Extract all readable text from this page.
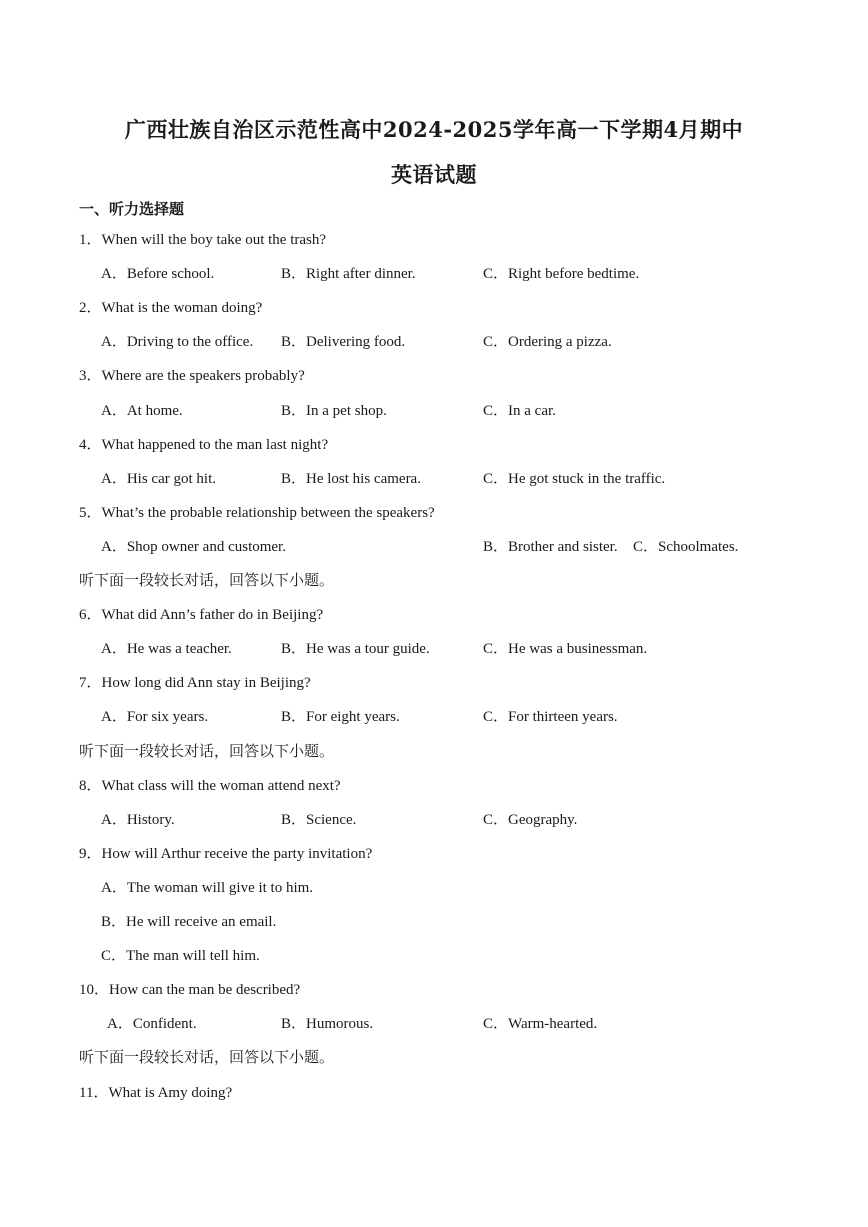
广西壮族自治区示范性高中2024-2025学年高一下学期4月期中
英语试题
一、听力选择题
1．When will the boy take out the trash?
A．Before school.	B．Right after dinner.	C．Right before bedtime.
2．What is the woman doing?
A．Driving to the office. B．Delivering food.	C．Ordering a pizza.
3．Where are the speakers probably?
A．At home.	B．In a pet shop.	C．In a car.
4．What happened to the man last night?
A．His car got hit.	B．He lost his camera.	C．He got stuck in the traffic.
5．What’s the probable relationship between the speakers?
A．Shop owner and customer.	B．Brother and sister. C．Schoolmates.
听下面一段较长对话，回答以下小题。
6．What did Ann’s father do in Beijing?
A．He was a teacher.	B．He was a tour guide.	C．He was a businessman.
7．How long did Ann stay in Beijing?
A．For six years.	B．For eight years.	C．For thirteen years.
听下面一段较长对话，回答以下小题。
8．What class will the woman attend next?
A．History.	B．Science.	C．Geography.
9．How will Arthur receive the party invitation?
A．The woman will give it to him.
B．He will receive an email.
C．The man will tell him.
10．How can the man be described?
A．Confident.	B．Humorous.	C．Warm-hearted.
听下面一段较长对话，回答以下小题。
11．What is Amy doing?
